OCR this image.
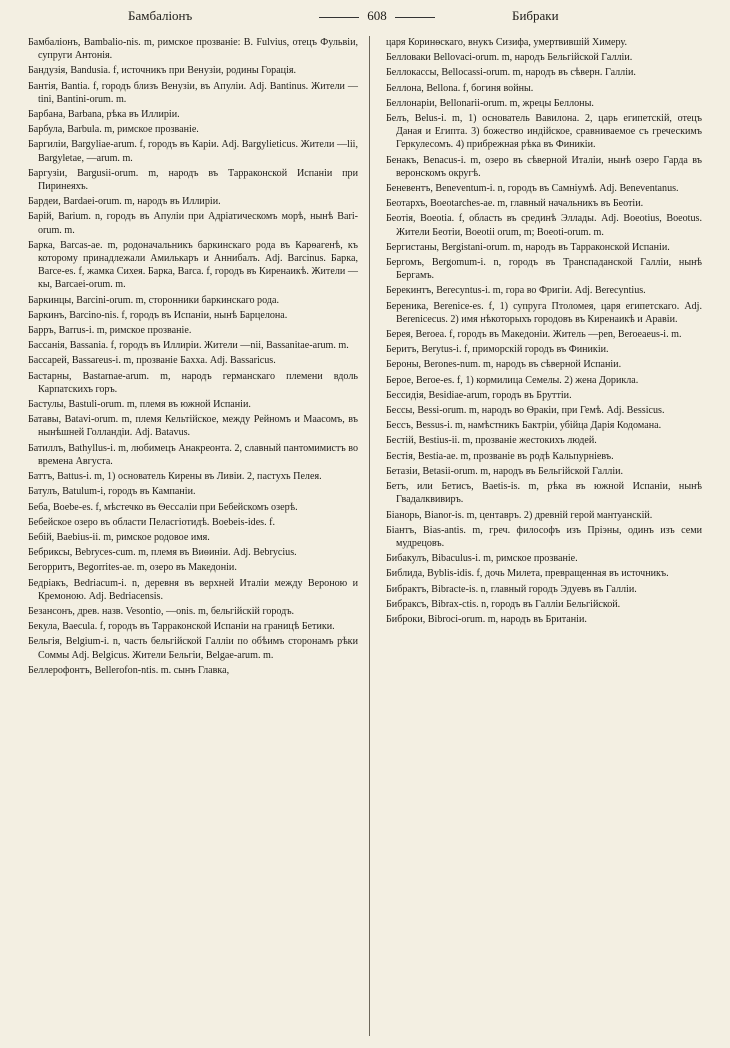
Бамбаліонъ	608	Бибраки

Бамбаліонъ, Bambalio-nis. m, римское прозваніе: B. Fulvius, отецъ Фульвіи, супруги Антонія.

Бандузія, Bandusia. f, источникъ при Венузіи, родины Горація.

Бантія, Bantia. f, городъ близъ Венузіи, въ Апуліи. Adj. Bantinus. Жители —tini, Bantini-orum. m.

Барбана, Barbana, рѣка въ Иллиріи.

Барбула, Barbula. m, римское прозваніе.

Баргиліи, Bargyliae-arum. f, городъ въ Каріи. Adj. Bargylieticus. Жители —lii, Bargyletae, —arum. m.

Баргузіи, Bargusii-orum. m, народъ въ Тарраконской Испаніи при Пиринеяхъ.

Бардеи, Bardaei-orum. m, народъ въ Иллиріи.

Барій, Barium. n, городъ въ Апуліи при Адріатическомъ морѣ, нынѣ Bari-orum. m.

Барка, Barcas-ae. m, родоначальникъ баркинскаго рода въ Карѳагенѣ, къ которому принадлежали Амилькаръ и Аннибалъ. Adj. Barcinus. Барка, Barce-es. f, жамка Сихея. Барка, Barca. f, городъ въ Киренаикѣ. Жители —кы, Barcaei-orum. m.

Баркинцы, Barcini-orum. m, сторонники баркинскаго рода.

Баркинъ, Barcino-nis. f, городъ въ Испаніи, нынѣ Барцелона.

Барръ, Barrus-i. m, римское прозваніе.

Бассанія, Bassania. f, городъ въ Иллиріи. Жители —nii, Bassanitae-arum. m.

Бассарей, Bassareus-i. m, прозваніе Бахха. Adj. Bassaricus.

Бастарны, Bastarnae-arum. m, народъ германскаго племени вдоль Карпатскихъ горъ.

Бастулы, Bastuli-orum. m, племя въ южной Испаніи.

Батавы, Batavi-orum. m, племя Кельтійское, между Рейномъ и Маасомъ, въ нынѣшней Голландіи. Adj. Batavus.

Батиллъ, Bathyllus-i. m, любимецъ Анакреонта. 2, славный пантомимистъ во времена Августа.

Баттъ, Battus-i. m, 1) основатель Кирены въ Ливіи. 2, пастухъ Пелея.

Батулъ, Batulum-i, городъ въ Кампаніи.

Беба, Boebe-es. f, мѣстечко въ Ѳессаліи при Бебейскомъ озерѣ.

Бебейское озеро въ области Пеласгіотидѣ. Boebeis-ides. f.

Бебій, Baebius-ii. m, римское родовое имя.

Бебриксы, Bebryces-cum. m, племя въ Виѳиніи. Adj. Bebrycius.

Бегорритъ, Begorrites-ae. m, озеро въ Македоніи.

Бедріакъ, Bedriacum-i. n, деревня въ верхней Италіи между Вероною и Кремоною. Adj. Bedriacensis.

Безансонъ, древ. назв. Vesontio, —onis. m, бельгійскій городъ.

Бекула, Baecula. f, городъ въ Тарраконской Испаніи на границѣ Бетики.

Бельгія, Belgium-i. n, часть бельгійской Галліи по обѣимъ сторонамъ рѣки Соммы Adj. Belgicus. Жители Бельгіи, Belgae-arum. m.

Беллерофонтъ, Bellerofon-ntis. m. сынъ Главка,

царя Коринѳскаго, внукъ Сизифа, умертвившій Химеру.

Белловаки Bellovaci-orum. m, народъ Бельгійской Галліи.

Беллокассы, Bellocassi-orum. m, народъ въ сѣверн. Галліи.

Беллона, Bellona. f, богиня войны.

Беллонаріи, Bellonarii-orum. m, жрецы Беллоны.

Белъ, Belus-i. m, 1) основатель Вавилона. 2, царь египетскій, отецъ Даная и Египта. 3) божество индійское, сравниваемое съ греческимъ Геркулесомъ. 4) прибрежная рѣка въ Финикіи.

Бенакъ, Benacus-i. m, озеро въ сѣверной Италіи, нынѣ озеро Гарда въ веронскомъ округѣ.

Беневентъ, Beneventum-i. n, городъ въ Самніумѣ. Adj. Beneventanus.

Беотархъ, Boeotarches-ae. m, главный начальникъ въ Беотіи.

Беотія, Boeotia. f, область въ срединѣ Эллады. Adj. Boeotius, Boeotus. Жители Беотіи, Boeotii orum, m; Boeoti-orum. m.

Бергистаны, Bergistani-orum. m, народъ въ Тарраконской Испаніи.

Бергомъ, Bergomum-i. n, городъ въ Транспаданской Галліи, нынѣ Бергамъ.

Берекинтъ, Berecyntus-i. m, гора во Фригіи. Adj. Berecyntius.

Береника, Berenice-es. f, 1) супруга Птоломея, царя египетскаго. Adj. Berenicecus. 2) имя нѣкоторыхъ городовъ въ Киренаикѣ и Аравіи.

Берея, Beroea. f, городъ въ Македоніи. Житель —pen, Beroeaeus-i. m.

Беритъ, Berytus-i. f, приморскій городъ въ Финикіи.

Бероны, Berones-num. m, народъ въ сѣверной Испаніи.

Берое, Beroe-es. f, 1) кормилица Семелы. 2) жена Дорикла.

Бессидія, Besidiae-arum, городъ въ Бруттіи.

Бессы, Bessi-orum. m, народъ во Ѳракіи, при Гемѣ. Adj. Bessicus.

Бессъ, Bessus-i. m, намѣстникъ Бактріи, убійца Дарія Кодомана.

Бестій, Bestius-ii. m, прозваніе жестокихъ людей.

Бестія, Bestia-ae. m, прозваніе въ родѣ Кальпурніевъ.

Бетазіи, Betasii-orum. m, народъ въ Бельгійской Галліи.

Бетъ, или Бетисъ, Baetis-is. m, рѣка въ южной Испаніи, нынѣ Гвадалквивиръ.

Біанорь, Bianor-is. m, центавръ. 2) древній герой мантуанскій.

Біантъ, Bias-antis. m, греч. философъ изъ Пріэны, одинъ изъ семи мудрецовъ.

Бибакулъ, Bibaculus-i. m, римское прозваніе.

Библида, Byblis-idis. f, дочь Милета, превращенная въ источникъ.

Бибрактъ, Bibracte-is. n, главный городъ Эдуевъ въ Галліи.

Бибраксъ, Bibrax-ctis. n, городъ въ Галліи Бельгійской.

Биброки, Bibroci-orum. m, народъ въ Британіи.
